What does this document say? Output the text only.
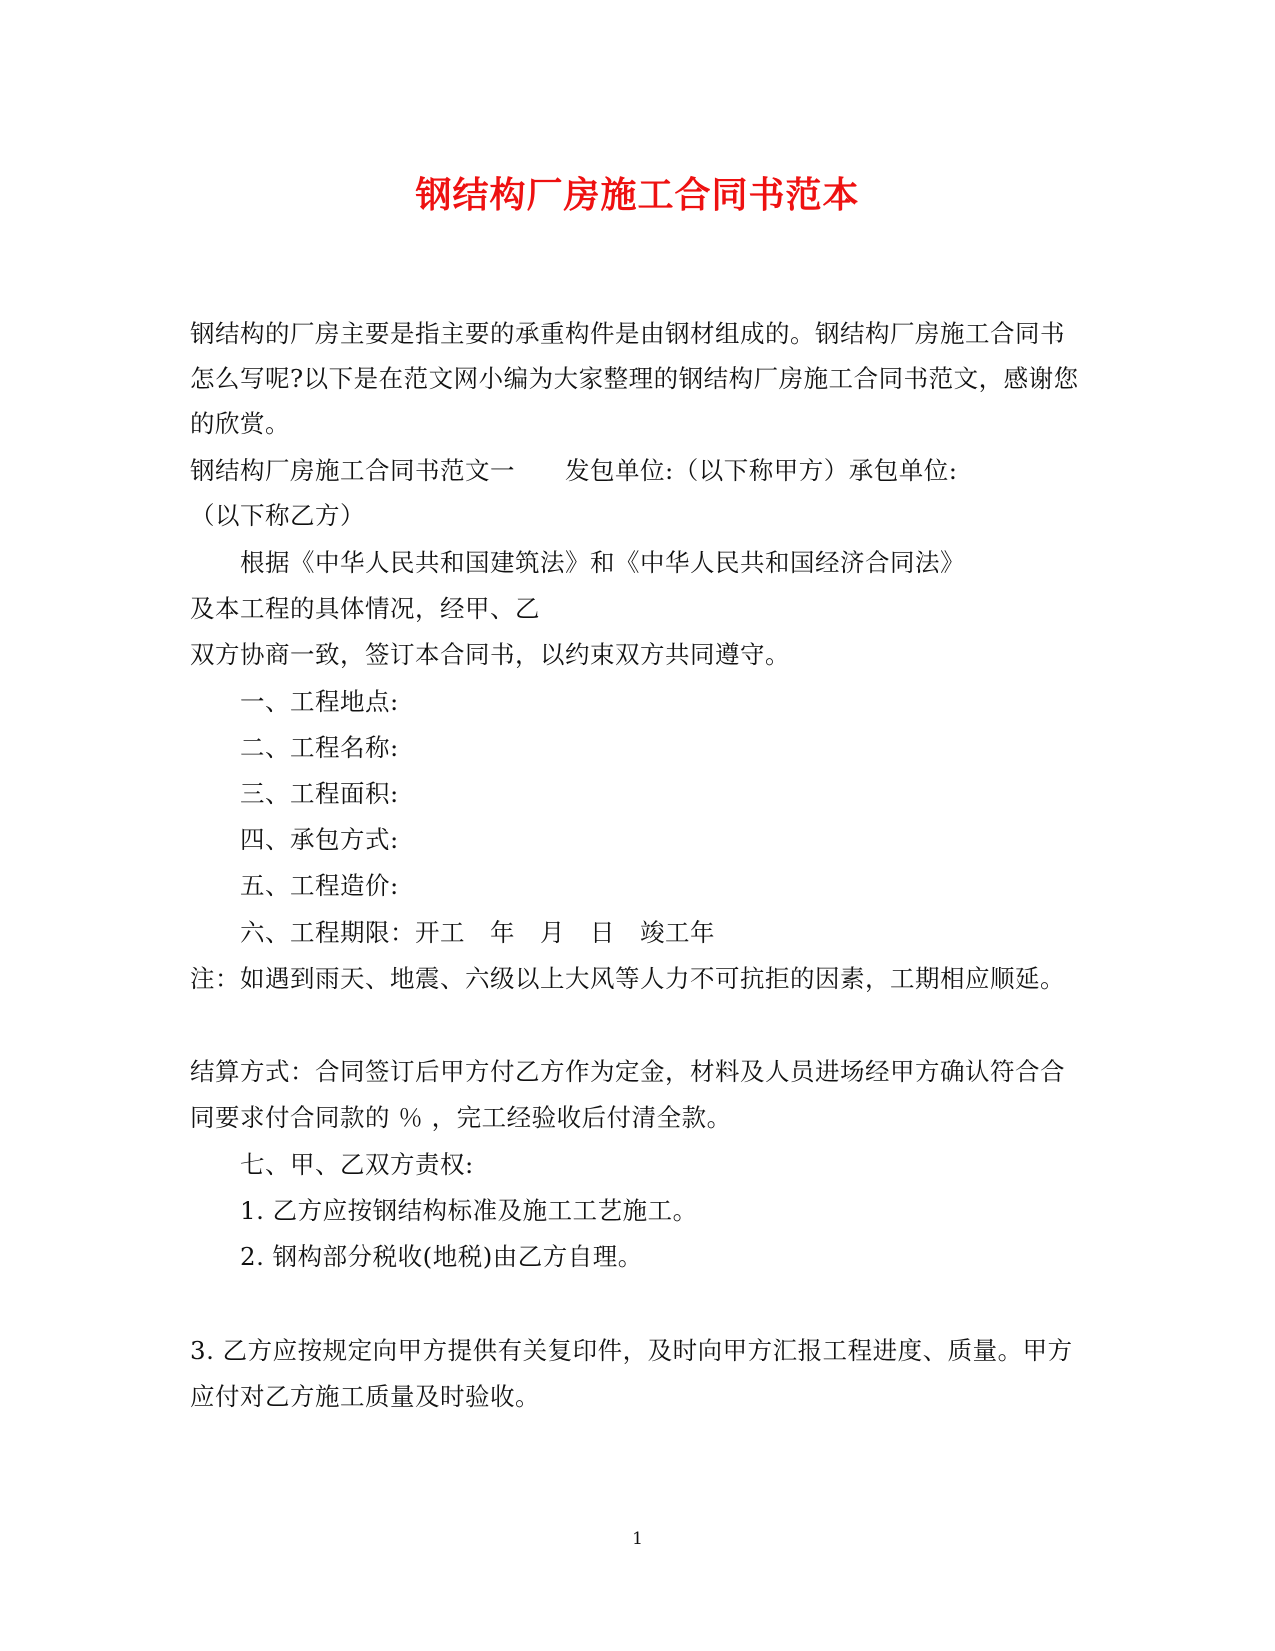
钢结构厂房施工合同书范本
钢结构的厂房主要是指主要的承重构件是由钢材组成的。钢结构厂房施工合同书
怎么写呢?以下是在范文网小编为大家整理的钢结构厂房施工合同书范文，感谢您
的欣赏。
钢结构厂房施工合同书范文一　　发包单位:（以下称甲方）承包单位:
（以下称乙方）
根据《中华人民共和国建筑法》和《中华人民共和国经济合同法》
及本工程的具体情况，经甲、乙
双方协商一致，签订本合同书，以约束双方共同遵守。
一、工程地点:
二、工程名称:
三、工程面积:
四、承包方式:
五、工程造价:
六、工程期限：开工　年　月　日　竣工年
注：如遇到雨天、地震、六级以上大风等人力不可抗拒的因素，工期相应顺延。
结算方式：合同签订后甲方付乙方作为定金，材料及人员进场经甲方确认符合合
同要求付合同款的 ％ ，完工经验收后付清全款。
七、甲、乙双方责权:
1. 乙方应按钢结构标准及施工工艺施工。
2. 钢构部分税收(地税)由乙方自理。
3. 乙方应按规定向甲方提供有关复印件，及时向甲方汇报工程进度、质量。甲方
应付对乙方施工质量及时验收。
1
